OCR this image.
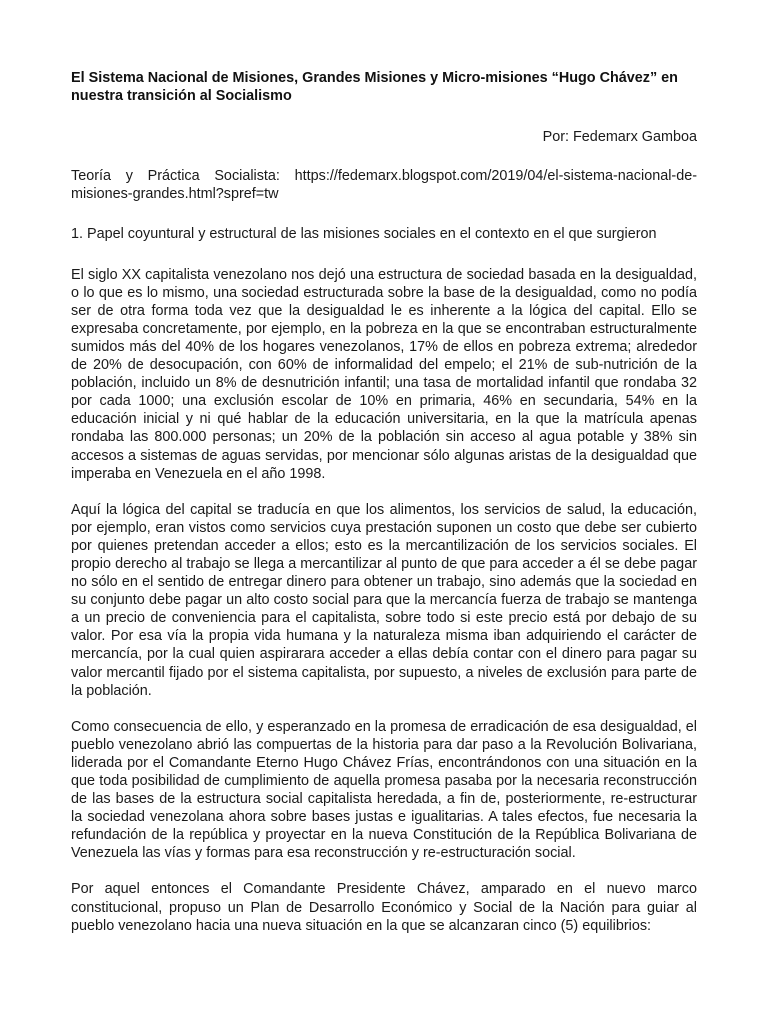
El Sistema Nacional de Misiones, Grandes Misiones y Micro-misiones “Hugo Chávez” en nuestra transición al Socialismo
Por: Fedemarx Gamboa
Teoría y Práctica Socialista: https://fedemarx.blogspot.com/2019/04/el-sistema-nacional-de-misiones-grandes.html?spref=tw
1. Papel coyuntural y estructural de las misiones sociales en el contexto en el que surgieron
El siglo XX capitalista venezolano nos dejó una estructura de sociedad basada en la desigualdad, o lo que es lo mismo, una sociedad estructurada sobre la base de la desigualdad, como no podía ser de otra forma toda vez que la desigualdad le es inherente a la lógica del capital. Ello se expresaba concretamente, por ejemplo, en la pobreza en la que se encontraban estructuralmente sumidos más del 40% de los hogares venezolanos, 17% de ellos en pobreza extrema; alrededor de 20% de desocupación, con 60% de informalidad del empelo; el 21% de sub-nutrición de la población, incluido un 8% de desnutrición infantil; una tasa de mortalidad infantil que rondaba 32 por cada 1000; una exclusión escolar de 10% en primaria, 46% en secundaria, 54% en la educación inicial y ni qué hablar de la educación universitaria, en la que la matrícula apenas rondaba las 800.000 personas; un 20% de la población sin acceso al agua potable y 38% sin accesos a sistemas de aguas servidas, por mencionar sólo algunas aristas de la desigualdad que imperaba en Venezuela en el año 1998.
Aquí la lógica del capital se traducía en que los alimentos, los servicios de salud, la educación, por ejemplo, eran vistos como servicios cuya prestación suponen un costo que debe ser cubierto por quienes pretendan acceder a ellos; esto es la mercantilización de los servicios sociales. El propio derecho al trabajo se llega a mercantilizar al punto de que para acceder a él se debe pagar no sólo en el sentido de entregar dinero para obtener un trabajo, sino además que la sociedad en su conjunto debe pagar un alto costo social para que la mercancía fuerza de trabajo se mantenga a un precio de conveniencia para el capitalista, sobre todo si este precio está por debajo de su valor. Por esa vía la propia vida humana y la naturaleza misma iban adquiriendo el carácter de mercancía, por la cual quien aspirarara acceder a ellas debía contar con el dinero para pagar su valor mercantil fijado por el sistema capitalista, por supuesto, a niveles de exclusión para parte de la población.
Como consecuencia de ello, y esperanzado en la promesa de erradicación de esa desigualdad, el pueblo venezolano abrió las compuertas de la historia para dar paso a la Revolución Bolivariana, liderada por el Comandante Eterno Hugo Chávez Frías, encontrándonos con una situación en la que toda posibilidad de cumplimiento de aquella promesa pasaba por la necesaria reconstrucción de las bases de la estructura social capitalista heredada, a fin de, posteriormente, re-estructurar la sociedad venezolana ahora sobre bases justas e igualitarias. A tales efectos, fue necesaria la refundación de la república y proyectar en la nueva Constitución de la República Bolivariana de Venezuela las vías y formas para esa reconstrucción y re-estructuración social.
Por aquel entonces el Comandante Presidente Chávez, amparado en el nuevo marco constitucional, propuso un Plan de Desarrollo Económico y Social de la Nación para guiar al pueblo venezolano hacia una nueva situación en la que se alcanzaran cinco (5) equilibrios:
